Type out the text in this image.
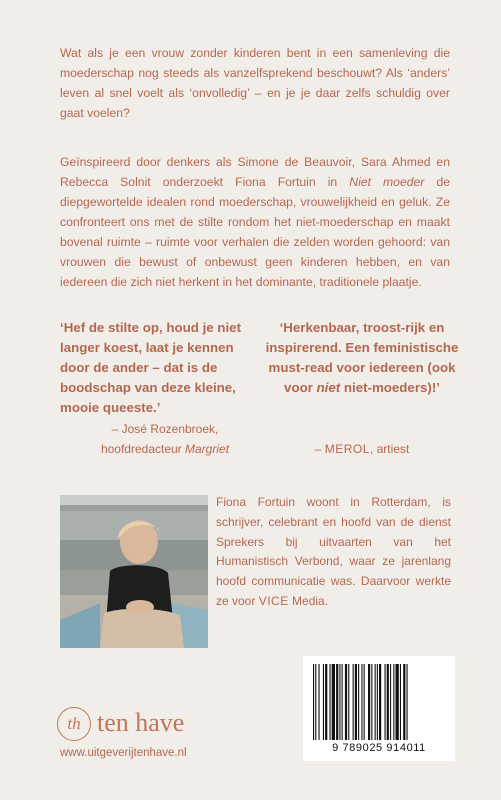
Wat als je een vrouw zonder kinderen bent in een samenleving die moederschap nog steeds als vanzelfsprekend beschouwt? Als ‘anders’ leven al snel voelt als ‘onvolledig’ – en je je daar zelfs schuldig over gaat voelen?

Geïnspireerd door denkers als Simone de Beauvoir, Sara Ahmed en Rebecca Solnit onderzoekt Fiona Fortuin in Niet moeder de diepgewortelde idealen rond moederschap, vrouwelijkheid en geluk. Ze confronteert ons met de stilte rondom het niet-moederschap en maakt bovenal ruimte – ruimte voor verhalen die zelden worden gehoord: van vrouwen die bewust of onbewust geen kinderen hebben, en van iedereen die zich niet herkent in het dominante, traditionele plaatje.

‘Hef de stilte op, houd je niet langer koest, laat je kennen door de ander – dat is de boodschap van deze kleine, mooie queeste.’

– José Rozenbroek,
hoofdredacteur Margriet

‘Herkenbaar, troost-rijk en inspirerend. Een feministische must-read voor iedereen (ook voor niet niet-moeders)!’

– MEROL, artiest

Fiona Fortuin woont in Rotterdam, is schrijver, celebrant en hoofd van de dienst Sprekers bij uitvaarten van het Humanistisch Verbond, waar ze jarenlang hoofd communicatie was. Daarvoor werkte ze voor VICE Media.

th ten have
www.uitgeverijtenhave.nl	9 789025 914011
